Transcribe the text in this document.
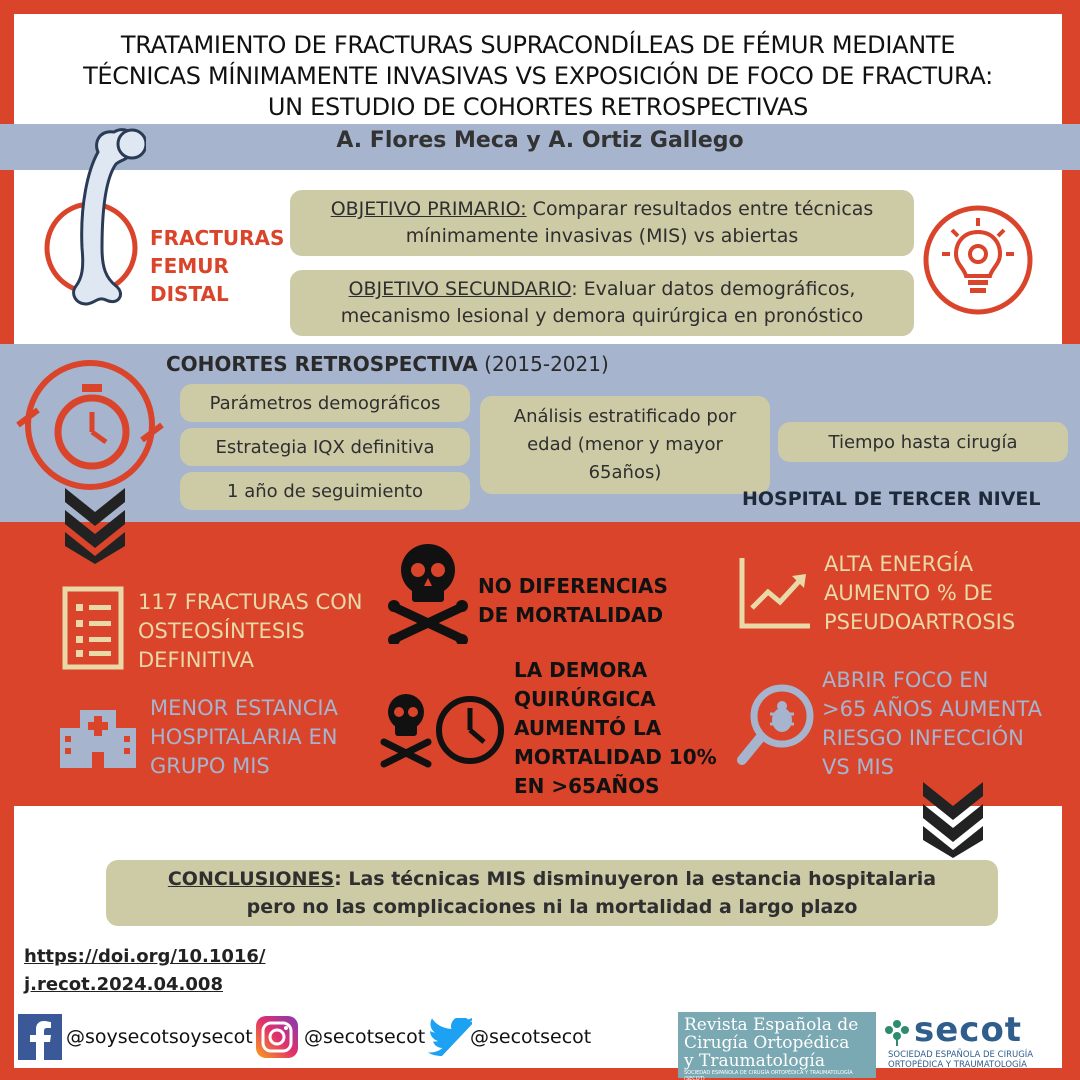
TRATAMIENTO DE FRACTURAS SUPRACONDÍLEAS DE FÉMUR MEDIANTE
TÉCNICAS MÍNIMAMENTE INVASIVAS VS EXPOSICIÓN DE FOCO DE FRACTURA:
UN ESTUDIO DE COHORTES RETROSPECTIVAS
A. Flores Meca y A. Ortiz Gallego
FRACTURAS
FEMUR
DISTAL
OBJETIVO PRIMARIO: Comparar resultados entre técnicas
mínimamente invasivas (MIS) vs abiertas
OBJETIVO SECUNDARIO: Evaluar datos demográficos,
mecanismo lesional y demora quirúrgica en pronóstico
COHORTES RETROSPECTIVA (2015-2021)
Parámetros demográficos
Estrategia IQX definitiva
1 año de seguimiento
Análisis estratificado por
edad (menor y mayor
65años)
Tiempo hasta cirugía
HOSPITAL DE TERCER NIVEL
117 FRACTURAS CON
OSTEOSÍNTESIS
DEFINITIVA
NO DIFERENCIAS
DE MORTALIDAD
ALTA ENERGÍA
AUMENTO % DE
PSEUDOARTROSIS
MENOR ESTANCIA
HOSPITALARIA EN
GRUPO MIS
LA DEMORA
QUIRÚRGICA
AUMENTÓ LA
MORTALIDAD 10%
EN >65AÑOS
ABRIR FOCO EN
>65 AÑOS AUMENTA
RIESGO INFECCIÓN
VS MIS
CONCLUSIONES: Las técnicas MIS disminuyeron la estancia hospitalaria
pero no las complicaciones ni la mortalidad a largo plazo
https://doi.org/10.1016/
j.recot.2024.04.008
@soysecotsoysecot	@secotsecot @secotsecot
Revista Española de
Cirugía Ortopédica
y Traumatología
SOCIEDAD ESPAÑOLA DE CIRUGÍA ORTOPÉDICA Y TRAUMATOLOGÍA (SECOT)
secot
SOCIEDAD ESPAÑOLA DE CIRUGÍA
ORTOPÉDICA Y TRAUMATOLOGÍA
